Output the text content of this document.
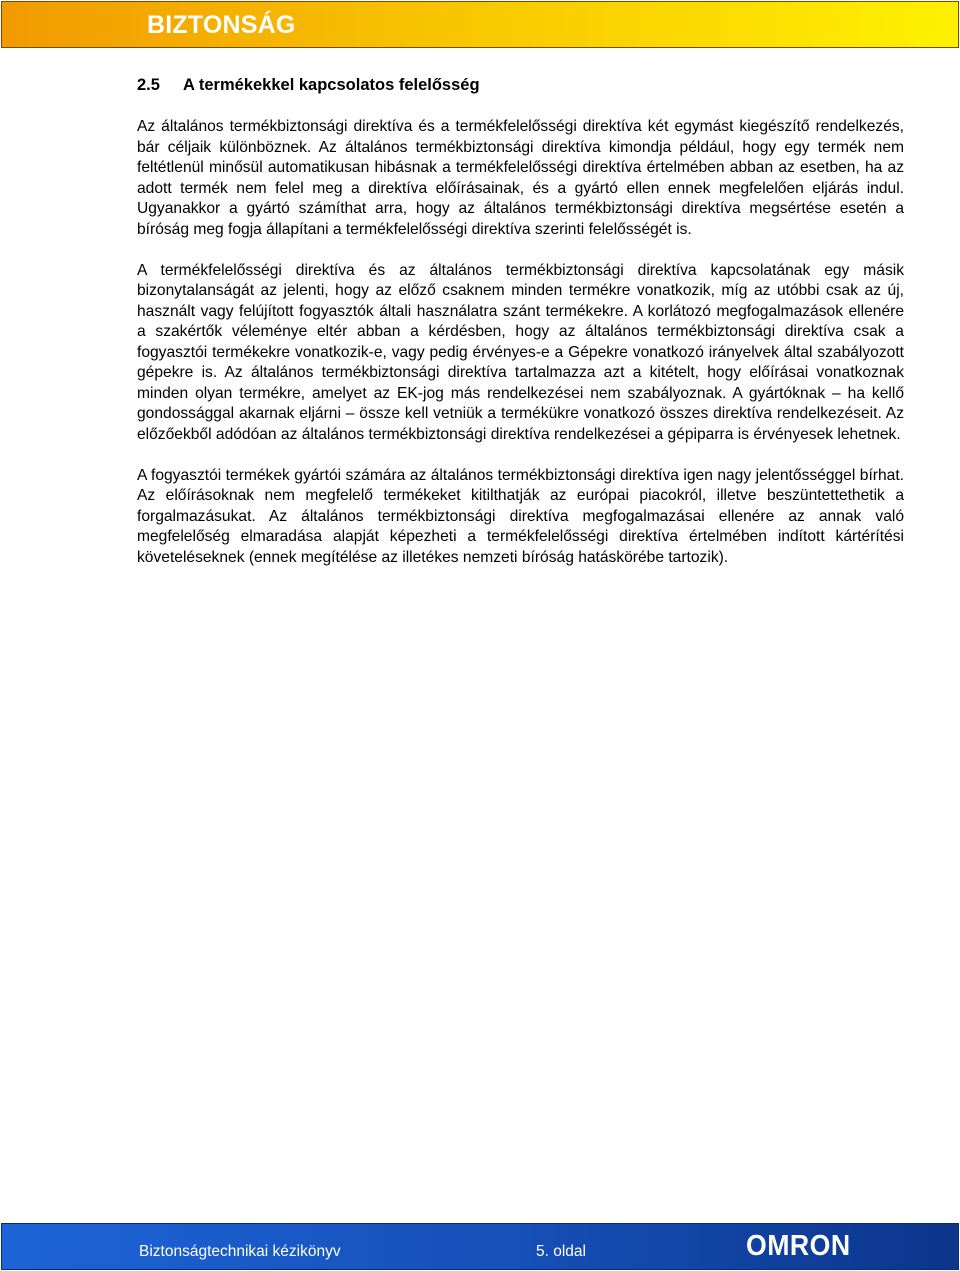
BIZTONSÁG
2.5 A termékekkel kapcsolatos felelősség

Az általános termékbiztonsági direktíva és a termékfelelősségi direktíva két egymást kiegészítő rendelkezés, bár céljaik különböznek. Az általános termékbiztonsági direktíva kimondja például, hogy egy termék nem feltétlenül minősül automatikusan hibásnak a termékfelelősségi direktíva értelmében abban az esetben, ha az adott termék nem felel meg a direktíva előírásainak, és a gyártó ellen ennek megfelelően eljárás indul. Ugyanakkor a gyártó számíthat arra, hogy az általános termékbiztonsági direktíva megsértése esetén a bíróság meg fogja állapítani a termékfelelősségi direktíva szerinti felelősségét is.

A termékfelelősségi direktíva és az általános termékbiztonsági direktíva kapcsolatának egy másik bizonytalanságát az jelenti, hogy az előző csaknem minden termékre vonatkozik, míg az utóbbi csak az új, használt vagy felújított fogyasztók általi használatra szánt termékekre. A korlátozó megfogalmazások ellenére a szakértők véleménye eltér abban a kérdésben, hogy az általános termékbiztonsági direktíva csak a fogyasztói termékekre vonatkozik-e, vagy pedig érvényes-e a Gépekre vonatkozó irányelvek által szabályozott gépekre is. Az általános termékbiztonsági direktíva tartalmazza azt a kitételt, hogy előírásai vonatkoznak minden olyan termékre, amelyet az EK-jog más rendelkezései nem szabályoznak. A gyártóknak – ha kellő gondossággal akarnak eljárni – össze kell vetniük a termékükre vonatkozó összes direktíva rendelkezéseit. Az előzőekből adódóan az általános termékbiztonsági direktíva rendelkezései a gépiparra is érvényesek lehetnek.

A fogyasztói termékek gyártói számára az általános termékbiztonsági direktíva igen nagy jelentősséggel bírhat. Az előírásoknak nem megfelelő termékeket kitilthatják az európai piacokról, illetve beszüntettethetik a forgalmazásukat. Az általános termékbiztonsági direktíva megfogalmazásai ellenére az annak való megfelelőség elmaradása alapját képezheti a termékfelelősségi direktíva értelmében indított kártérítési követeléseknek (ennek megítélése az illetékes nemzeti bíróság hatáskörébe tartozik).

Biztonságtechnikai kézikönyv	5. oldal	OMRON
